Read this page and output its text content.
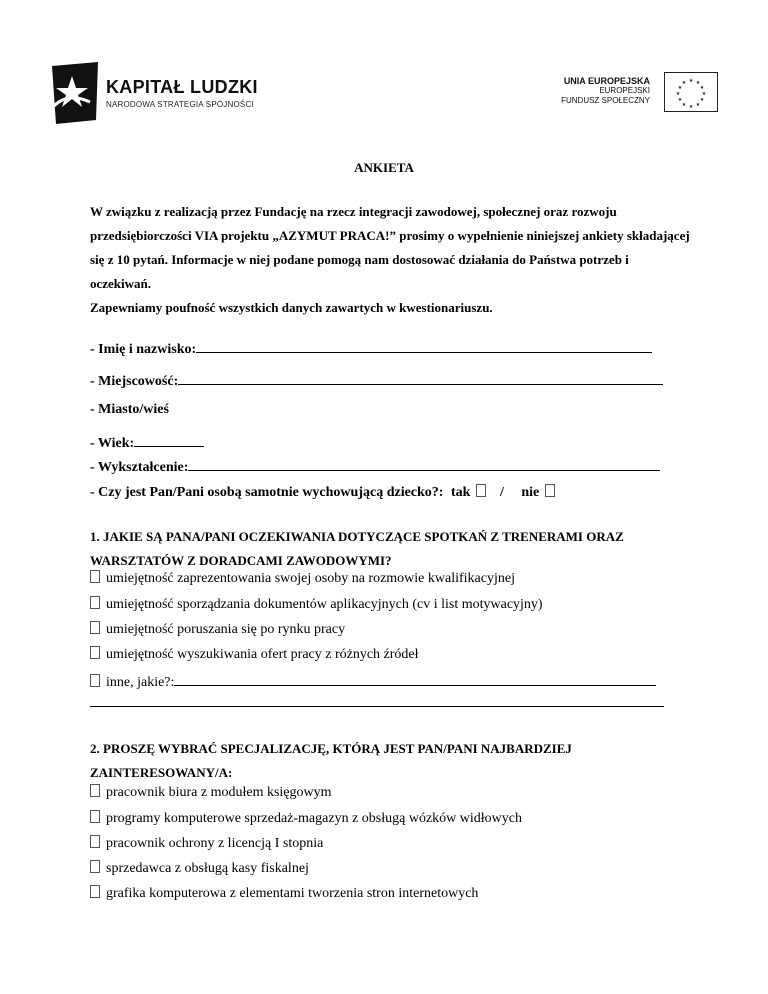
KAPITAŁ LUDZKI
NARODOWA STRATEGIA SPÓJNOŚCI
UNIA EUROPEJSKA
EUROPEJSKI
FUNDUSZ SPOŁECZNY
★ ★
★
★
★
★
★
★
★
★
★
★
ANKIETA

W związku z realizacją przez Fundację na rzecz integracji zawodowej, społecznej oraz rozwoju przedsiębiorczości VIA projektu „AZYMUT PRACA!” prosimy o wypełnienie niniejszej ankiety składającej się z 10 pytań. Informacje w niej podane pomogą nam dostosować działania do Państwa potrzeb i oczekiwań.

Zapewniamy poufność wszystkich danych zawartych w kwestionariuszu.

- Imię i nazwisko:
- Miejscowość:
- Miasto/wieś
- Wiek:
- Wykształcenie:
- Czy jest Pan/Pani osobą samotnie wychowującą dziecko?: tak / nie
1. JAKIE SĄ PANA/PANI OCZEKIWANIA DOTYCZĄCE SPOTKAŃ Z TRENERAMI ORAZ WARSZTATÓW Z DORADCAMI ZAWODOWYMI?
umiejętność zaprezentowania swojej osoby na rozmowie kwalifikacyjnej
umiejętność sporządzania dokumentów aplikacyjnych (cv i list motywacyjny)
umiejętność poruszania się po rynku pracy
umiejętność wyszukiwania ofert pracy z różnych źródeł
inne, jakie?:
2. PROSZĘ WYBRAĆ SPECJALIZACJĘ, KTÓRĄ JEST PAN/PANI NAJBARDZIEJ ZAINTERESOWANY/A:
pracownik biura z modułem księgowym
programy komputerowe sprzedaż-magazyn z obsługą wózków widłowych
pracownik ochrony z licencją I stopnia
sprzedawca z obsługą kasy fiskalnej
grafika komputerowa z elementami tworzenia stron internetowych
